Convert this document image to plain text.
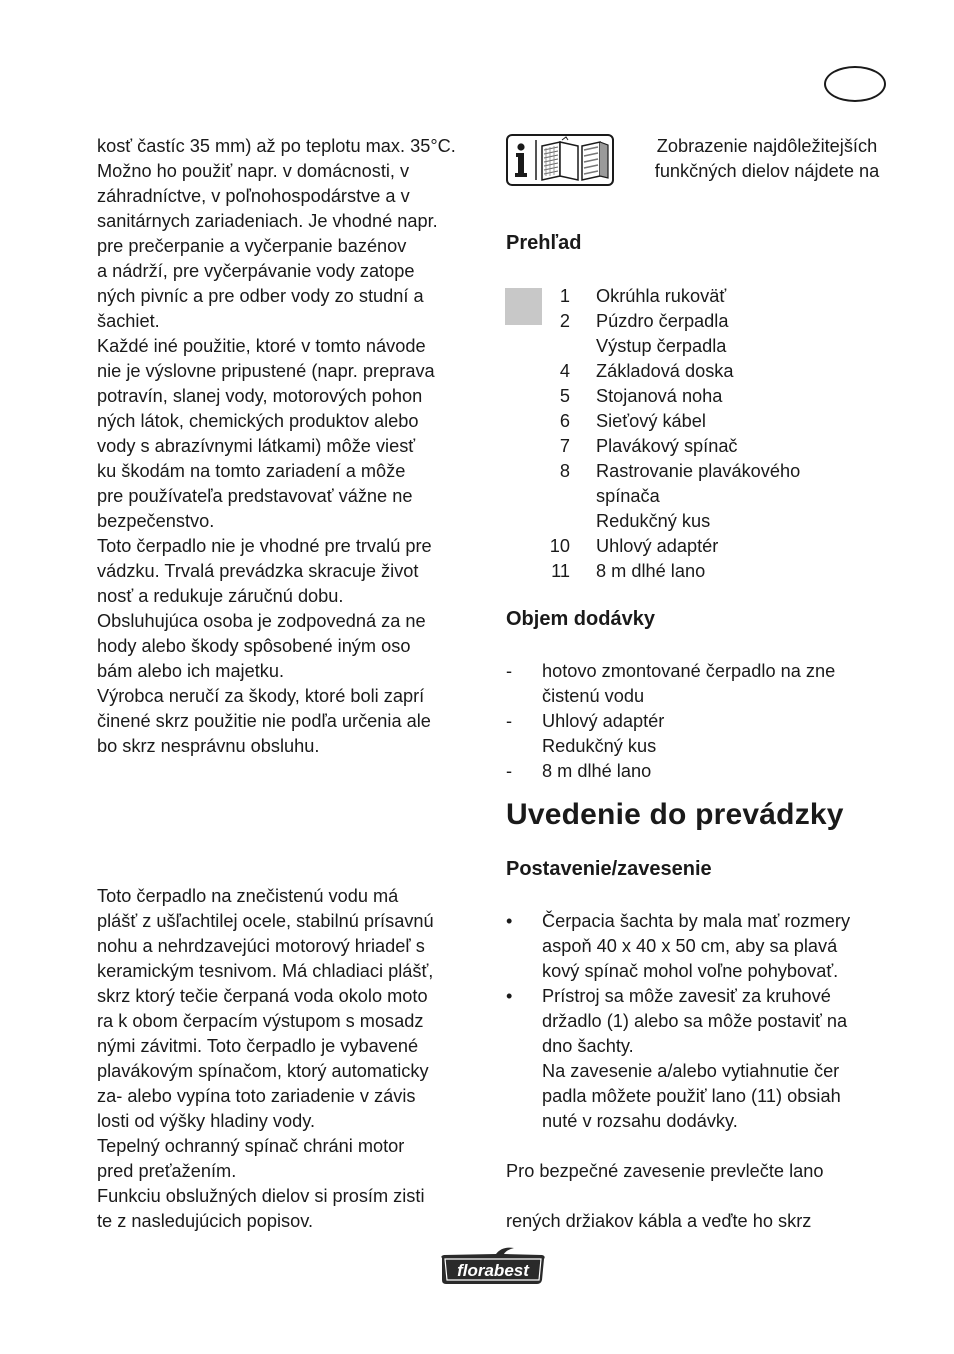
kosť častíc 35 mm) až po teplotu max. 35°C.
Možno ho použiť napr. v domácnosti, v
záhradníctve, v poľnohospodárstve a v
sanitárnych zariadeniach. Je vhodné napr.
pre prečerpanie a vyčerpanie bazénov
a nádrží, pre vyčerpávanie vody zatope
ných pivníc a pre odber vody zo studní a
šachiet.

Každé iné použitie, ktoré v tomto návode
nie je výslovne pripustené (napr. preprava
potravín, slanej vody, motorových pohon
ných látok, chemických produktov alebo
vody s abrazívnymi látkami) môže viesť
ku škodám na tomto zariadení a môže
pre používateľa predstavovať vážne ne
bezpečenstvo.

Toto čerpadlo nie je vhodné pre trvalú pre
vádzku. Trvalá prevádzka skracuje život
nosť a redukuje záručnú dobu.

Obsluhujúca osoba je zodpovedná za ne
hody alebo škody spôsobené iným oso
bám alebo ich majetku.

Výrobca neručí za škody, ktoré boli zaprí
činené skrz použitie nie podľa určenia ale
bo skrz nesprávnu obsluhu.

Toto čerpadlo na znečistenú vodu má
plášť z ušľachtilej ocele, stabilnú prísavnú
nohu a nehrdzavejúci motorový hriadeľ s
keramickým tesnivom. Má chladiaci plášť,
skrz ktorý tečie čerpaná voda okolo moto
ra k obom čerpacím výstupom s mosadz
nými závitmi. Toto čerpadlo je vybavené
plavákovým spínačom, ktorý automaticky
za- alebo vypína toto zariadenie v závis
losti od výšky hladiny vody.

Tepelný ochranný spínač chráni motor
pred preťažením.

Funkciu obslužných dielov si prosím zisti
te z nasledujúcich popisov.

Zobrazenie najdôležitejších
funkčných dielov nájdete na
Prehľad
1 Okrúhla rukoväť
2 Púzdro čerpadla
Výstup čerpadla
4 Základová doska
5 Stojanová noha
6 Sieťový kábel
7 Plavákový spínač
8 Rastrovanie plavákového
spínača
Redukčný kus
10 Uhlový adaptér
11 8 m dlhé lano
Objem dodávky
-	hotovo zmontované čerpadlo na zne
čistenú vodu
-	Uhlový adaptér
Redukčný kus
-	8 m dlhé lano
Uvedenie do prevádzky
Postavenie/zavesenie
•	Čerpacia šachta by mala mať rozmery
aspoň 40 x 40 x 50 cm, aby sa plavá
kový spínač mohol voľne pohybovať.
•	Prístroj sa môže zavesiť za kruhové
držadlo (1) alebo sa môže postaviť na
dno šachty.
Na zavesenie a/alebo vytiahnutie čer
padla môžete použiť lano (11) obsiah
nuté v rozsahu dodávky.
Pro bezpečné zavesenie prevlečte lano
rených držiakov kábla a veďte ho skrz
florabest
